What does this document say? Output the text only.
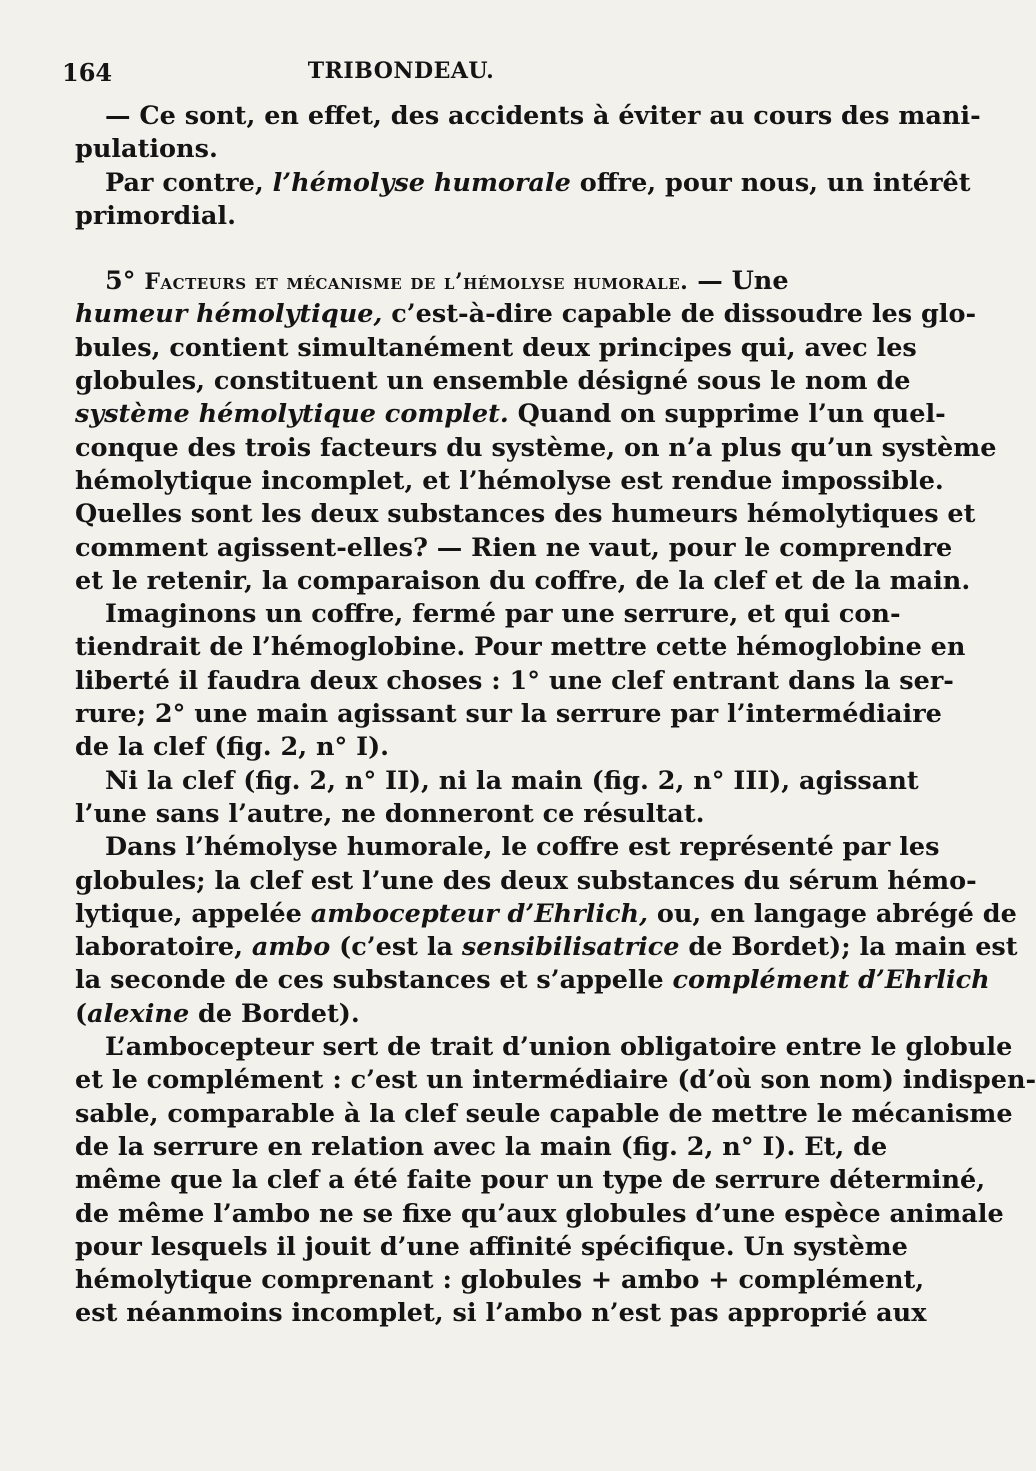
164	TRIBONDEAU.
— Ce sont, en effet, des accidents à éviter au cours des mani-
pulations.
Par contre, l’hémolyse humorale offre, pour nous, un intérêt
primordial.
5° Facteurs et mécanisme de l’hémolyse humorale. — Une
humeur hémolytique, c’est-à-dire capable de dissoudre les glo-
bules, contient simultanément deux principes qui, avec les
globules, constituent un ensemble désigné sous le nom de
système hémolytique complet. Quand on supprime l’un quel-
conque des trois facteurs du système, on n’a plus qu’un système
hémolytique incomplet, et l’hémolyse est rendue impossible.
Quelles sont les deux substances des humeurs hémolytiques et
comment agissent-elles? — Rien ne vaut, pour le comprendre
et le retenir, la comparaison du coffre, de la clef et de la main.
Imaginons un coffre, fermé par une serrure, et qui con-
tiendrait de l’hémoglobine. Pour mettre cette hémoglobine en
liberté il faudra deux choses : 1° une clef entrant dans la ser-
rure; 2° une main agissant sur la serrure par l’intermédiaire
de la clef (fig. 2, n° I).
Ni la clef (fig. 2, n° II), ni la main (fig. 2, n° III), agissant
l’une sans l’autre, ne donneront ce résultat.
Dans l’hémolyse humorale, le coffre est représenté par les
globules; la clef est l’une des deux substances du sérum hémo-
lytique, appelée ambocepteur d’Ehrlich, ou, en langage abrégé de
laboratoire, ambo (c’est la sensibilisatrice de Bordet); la main est
la seconde de ces substances et s’appelle complément d’Ehrlich
(alexine de Bordet).
L’ambocepteur sert de trait d’union obligatoire entre le globule
et le complément : c’est un intermédiaire (d’où son nom) indispen-
sable, comparable à la clef seule capable de mettre le mécanisme
de la serrure en relation avec la main (fig. 2, n° I). Et, de
même que la clef a été faite pour un type de serrure déterminé,
de même l’ambo ne se fixe qu’aux globules d’une espèce animale
pour lesquels il jouit d’une affinité spécifique. Un système
hémolytique comprenant : globules + ambo + complément,
est néanmoins incomplet, si l’ambo n’est pas approprié aux
